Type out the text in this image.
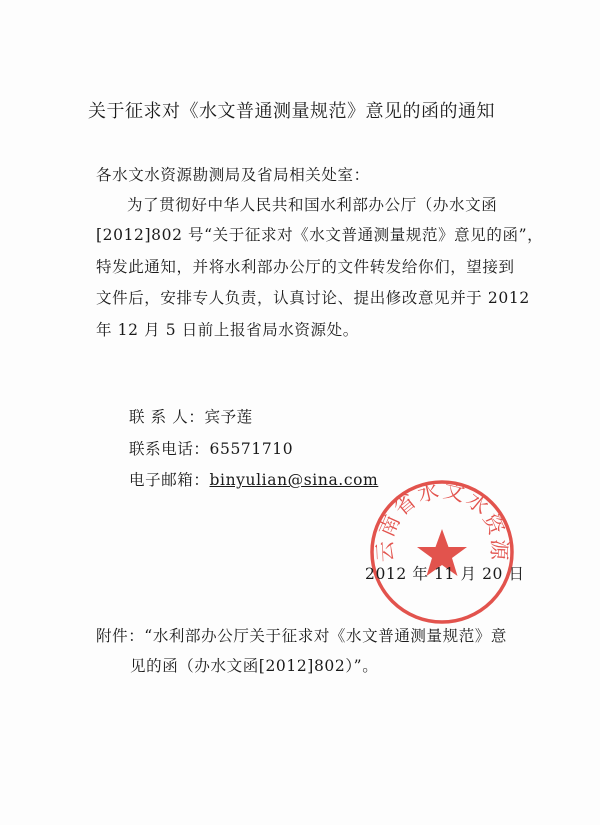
关于征求对《水文普通测量规范》意见的函的通知
各水文水资源勘测局及省局相关处室：
为了贯彻好中华人民共和国水利部办公厅（办水文函
[2012]802 号“关于征求对《水文普通测量规范》意见的函”，
特发此通知，并将水利部办公厅的文件转发给你们，望接到
文件后，安排专人负责，认真讨论、提出修改意见并于 2012
年 12 月 5 日前上报省局水资源处。
联 系 人：宾予莲
联系电话：65571710
电子邮箱：binyulian@sina.com
云南省水文水资源
2012 年 11 月 20 日
附件：“水利部办公厅关于征求对《水文普通测量规范》意
见的函（办水文函[2012]802）”。
